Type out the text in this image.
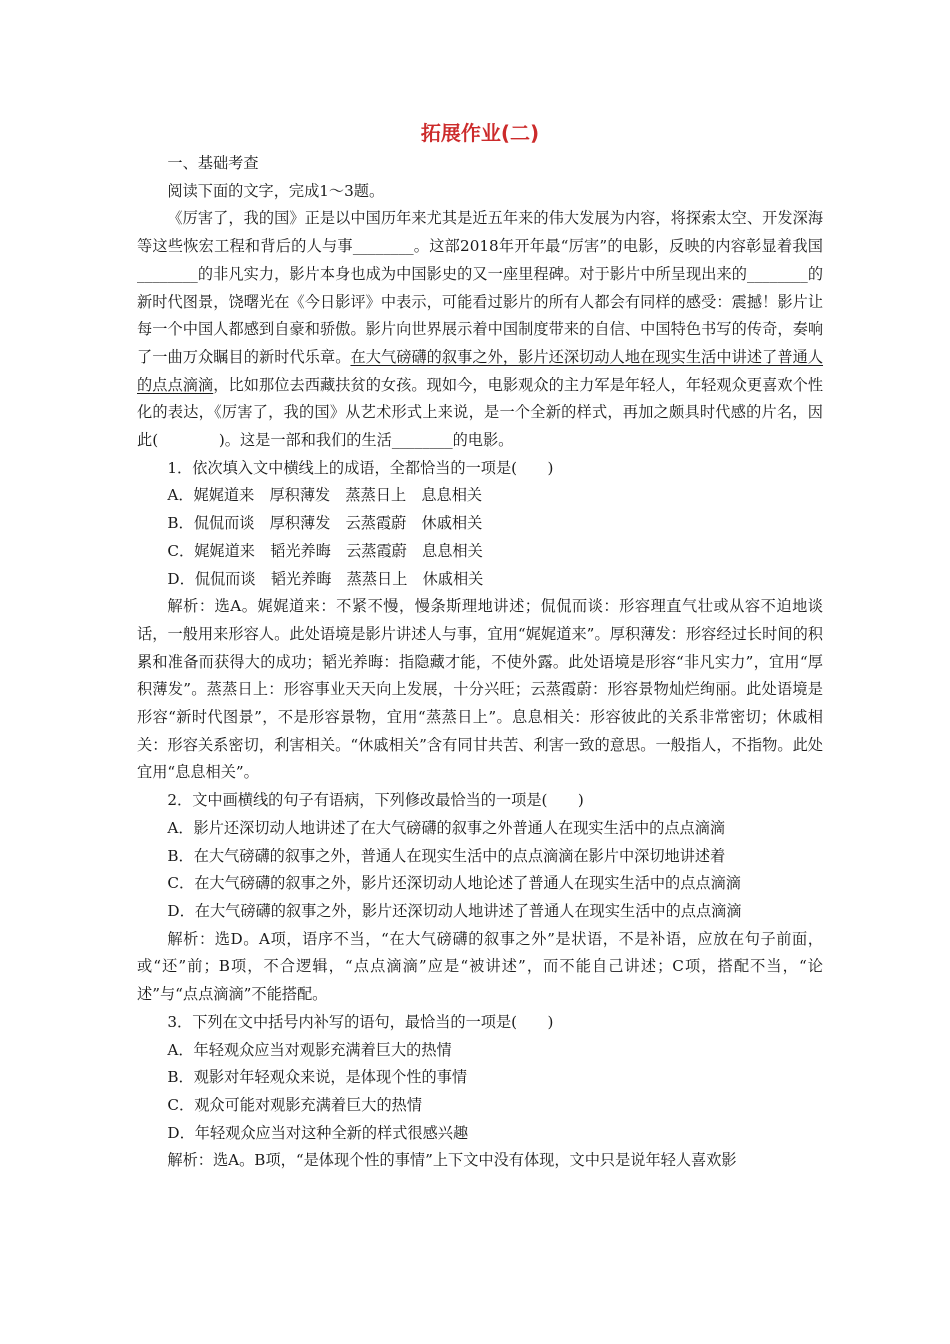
拓展作业(二)

一、基础考查

阅读下面的文字，完成1～3题。

《厉害了，我的国》正是以中国历年来尤其是近五年来的伟大发展为内容，将探索太空、开发深海等这些恢宏工程和背后的人与事________。这部2018年开年最“厉害”的电影，反映的内容彰显着我国________的非凡实力，影片本身也成为中国影史的又一座里程碑。对于影片中所呈现出来的________的新时代图景，饶曙光在《今日影评》中表示，可能看过影片的所有人都会有同样的感受：震撼！影片让每一个中国人都感到自豪和骄傲。影片向世界展示着中国制度带来的自信、中国特色书写的传奇，奏响了一曲万众瞩目的新时代乐章。在大气磅礴的叙事之外，影片还深切动人地在现实生活中讲述了普通人的点点滴滴，比如那位去西藏扶贫的女孩。现如今，电影观众的主力军是年轻人，年轻观众更喜欢个性化的表达，《厉害了，我的国》从艺术形式上来说，是一个全新的样式，再加之颇具时代感的片名，因此(　　　　)。这是一部和我们的生活________的电影。

1．依次填入文中横线上的成语，全都恰当的一项是(　　)

A．娓娓道来　厚积薄发　蒸蒸日上　息息相关

B．侃侃而谈　厚积薄发　云蒸霞蔚　休戚相关

C．娓娓道来　韬光养晦　云蒸霞蔚　息息相关

D．侃侃而谈　韬光养晦　蒸蒸日上　休戚相关

解析：选A。娓娓道来：不紧不慢，慢条斯理地讲述；侃侃而谈：形容理直气壮或从容不迫地谈话，一般用来形容人。此处语境是影片讲述人与事，宜用“娓娓道来”。厚积薄发：形容经过长时间的积累和准备而获得大的成功；韬光养晦：指隐藏才能，不使外露。此处语境是形容“非凡实力”，宜用“厚积薄发”。蒸蒸日上：形容事业天天向上发展，十分兴旺；云蒸霞蔚：形容景物灿烂绚丽。此处语境是形容“新时代图景”，不是形容景物，宜用“蒸蒸日上”。息息相关：形容彼此的关系非常密切；休戚相关：形容关系密切，利害相关。“休戚相关”含有同甘共苦、利害一致的意思。一般指人，不指物。此处宜用“息息相关”。

2．文中画横线的句子有语病，下列修改最恰当的一项是(　　)

A．影片还深切动人地讲述了在大气磅礴的叙事之外普通人在现实生活中的点点滴滴

B．在大气磅礴的叙事之外，普通人在现实生活中的点点滴滴在影片中深切地讲述着

C．在大气磅礴的叙事之外，影片还深切动人地论述了普通人在现实生活中的点点滴滴

D．在大气磅礴的叙事之外，影片还深切动人地讲述了普通人在现实生活中的点点滴滴

解析：选D。A项，语序不当，“在大气磅礴的叙事之外”是状语，不是补语，应放在句子前面，或“还”前；B项，不合逻辑，“点点滴滴”应是“被讲述”，而不能自己讲述；C项，搭配不当，“论述”与“点点滴滴”不能搭配。

3．下列在文中括号内补写的语句，最恰当的一项是(　　)

A．年轻观众应当对观影充满着巨大的热情

B．观影对年轻观众来说，是体现个性的事情

C．观众可能对观影充满着巨大的热情

D．年轻观众应当对这种全新的样式很感兴趣

解析：选A。B项，“是体现个性的事情”上下文中没有体现，文中只是说年轻人喜欢影
